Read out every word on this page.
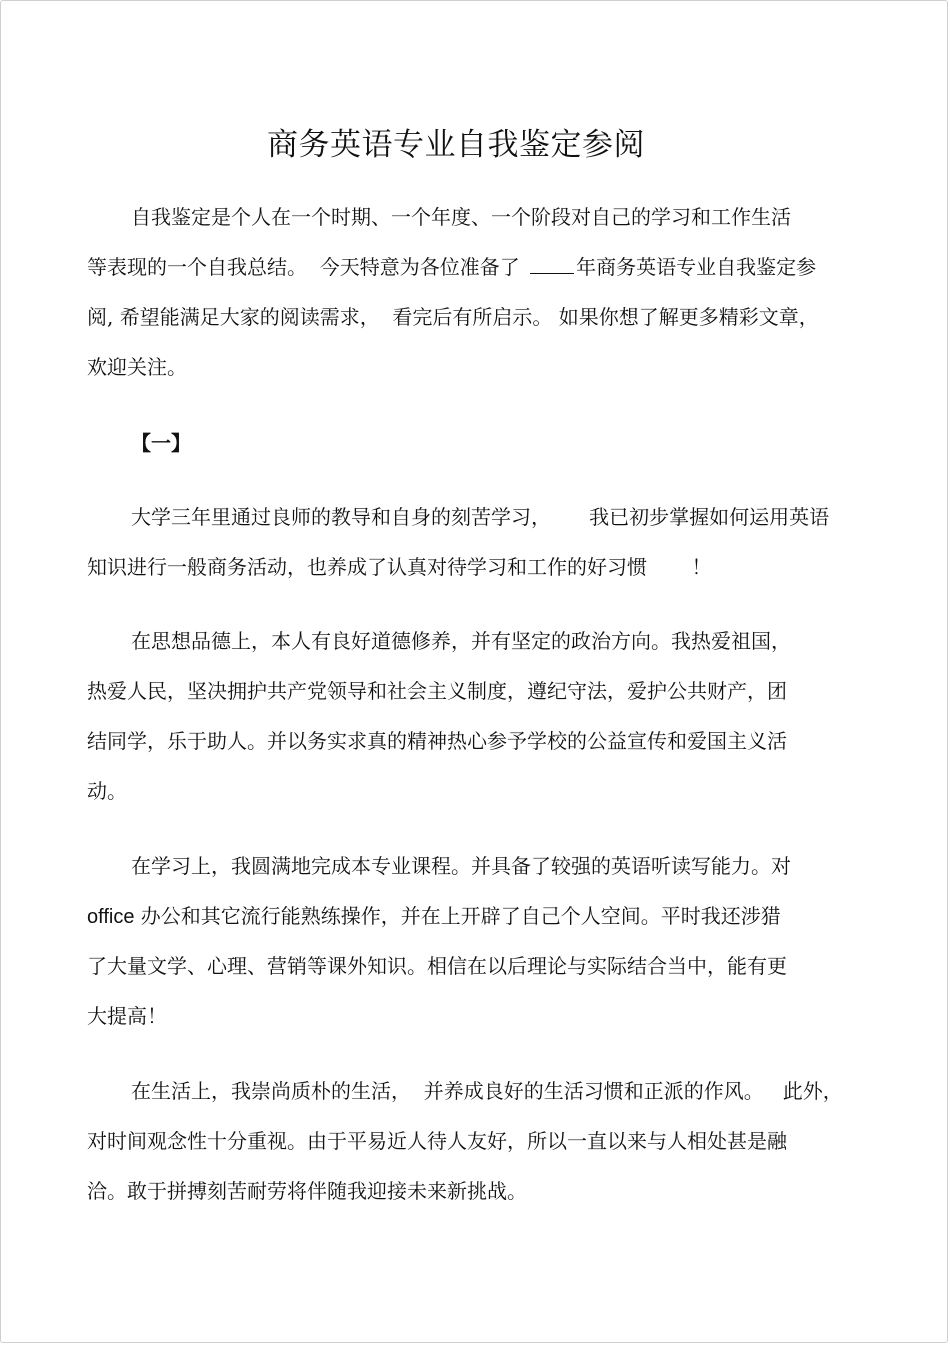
商务英语专业自我鉴定参阅
自我鉴定是个人在一个时期、一个年度、一个阶段对自己的学习和工作生活
等表现的一个自我总结。  今天特意为各位准备了	年商务英语专业自我鉴定参
阅, 希望能满足大家的阅读需求，  看完后有所启示。 如果你想了解更多精彩文章，
欢迎关注。
【一】
大学三年里通过良师的教导和自身的刻苦学习，      我已初步掌握如何运用英语
知识进行一般商务活动，也养成了认真对待学习和工作的好习惯       ！
在思想品德上，本人有良好道德修养，并有坚定的政治方向。我热爱祖国，
热爱人民，坚决拥护共产党领导和社会主义制度，遵纪守法，爱护公共财产，团
结同学，乐于助人。并以务实求真的精神热心参予学校的公益宣传和爱国主义活
动。
在学习上，我圆满地完成本专业课程。并具备了较强的英语听读写能力。对
office 办公和其它流行能熟练操作，并在上开辟了自己个人空间。平时我还涉猎
了大量文学、心理、营销等课外知识。相信在以后理论与实际结合当中，能有更
大提高！
在生活上，我崇尚质朴的生活，  并养成良好的生活习惯和正派的作风。   此外，
对时间观念性十分重视。由于平易近人待人友好，所以一直以来与人相处甚是融
洽。敢于拼搏刻苦耐劳将伴随我迎接未来新挑战。
